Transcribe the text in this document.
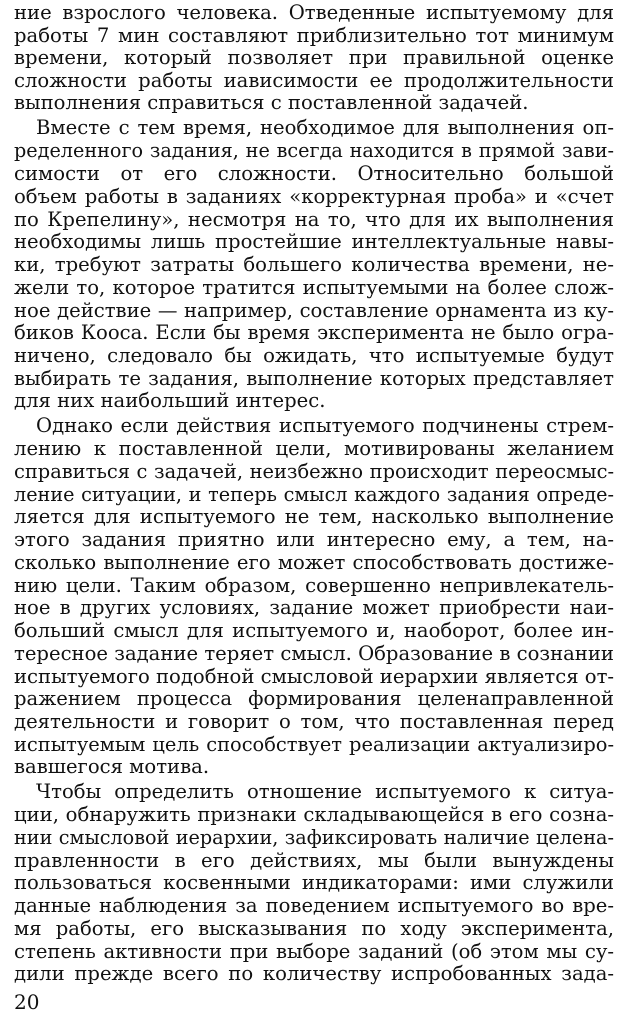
ние взрослого человека. Отведенные испытуемому для
работы 7 мин составляют приблизительно тот минимум
времени, который позволяет при правильной оценке
сложности работы иависимости ее продолжительности
выполнения справиться с поставленной задачей.
Вместе с тем время, необходимое для выполнения оп-
ределенного задания, не всегда находится в прямой зави-
симости от его сложности. Относительно большой
объем работы в заданиях «корректурная проба» и «счет
по Крепелину», несмотря на то, что для их выполнения
необходимы лишь простейшие интеллектуальные навы-
ки, требуют затраты большего количества времени, не-
жели то, которое тратится испытуемыми на более слож-
ное действие — например, составление орнамента из ку-
биков Кооса. Если бы время эксперимента не было огра-
ничено, следовало бы ожидать, что испытуемые будут
выбирать те задания, выполнение которых представляет
для них наибольший интерес.
Однако если действия испытуемого подчинены стрем-
лению к поставленной цели, мотивированы желанием
справиться с задачей, неизбежно происходит переосмыс-
ление ситуации, и теперь смысл каждого задания опреде-
ляется для испытуемого не тем, насколько выполнение
этого задания приятно или интересно ему, а тем, на-
сколько выполнение его может способствовать достиже-
нию цели. Таким образом, совершенно непривлекатель-
ное в других условиях, задание может приобрести наи-
больший смысл для испытуемого и, наоборот, более ин-
тересное задание теряет смысл. Образование в сознании
испытуемого подобной смысловой иерархии является от-
ражением процесса формирования целенаправленной
деятельности и говорит о том, что поставленная перед
испытуемым цель способствует реализации актуализиро-
вавшегося мотива.
Чтобы определить отношение испытуемого к ситуа-
ции, обнаружить признаки складывающейся в его созна-
нии смысловой иерархии, зафиксировать наличие целена-
правленности в его действиях, мы были вынуждены
пользоваться косвенными индикаторами: ими служили
данные наблюдения за поведением испытуемого во вре-
мя работы, его высказывания по ходу эксперимента,
степень активности при выборе заданий (об этом мы су-
дили прежде всего по количеству испробованных зада-
20
